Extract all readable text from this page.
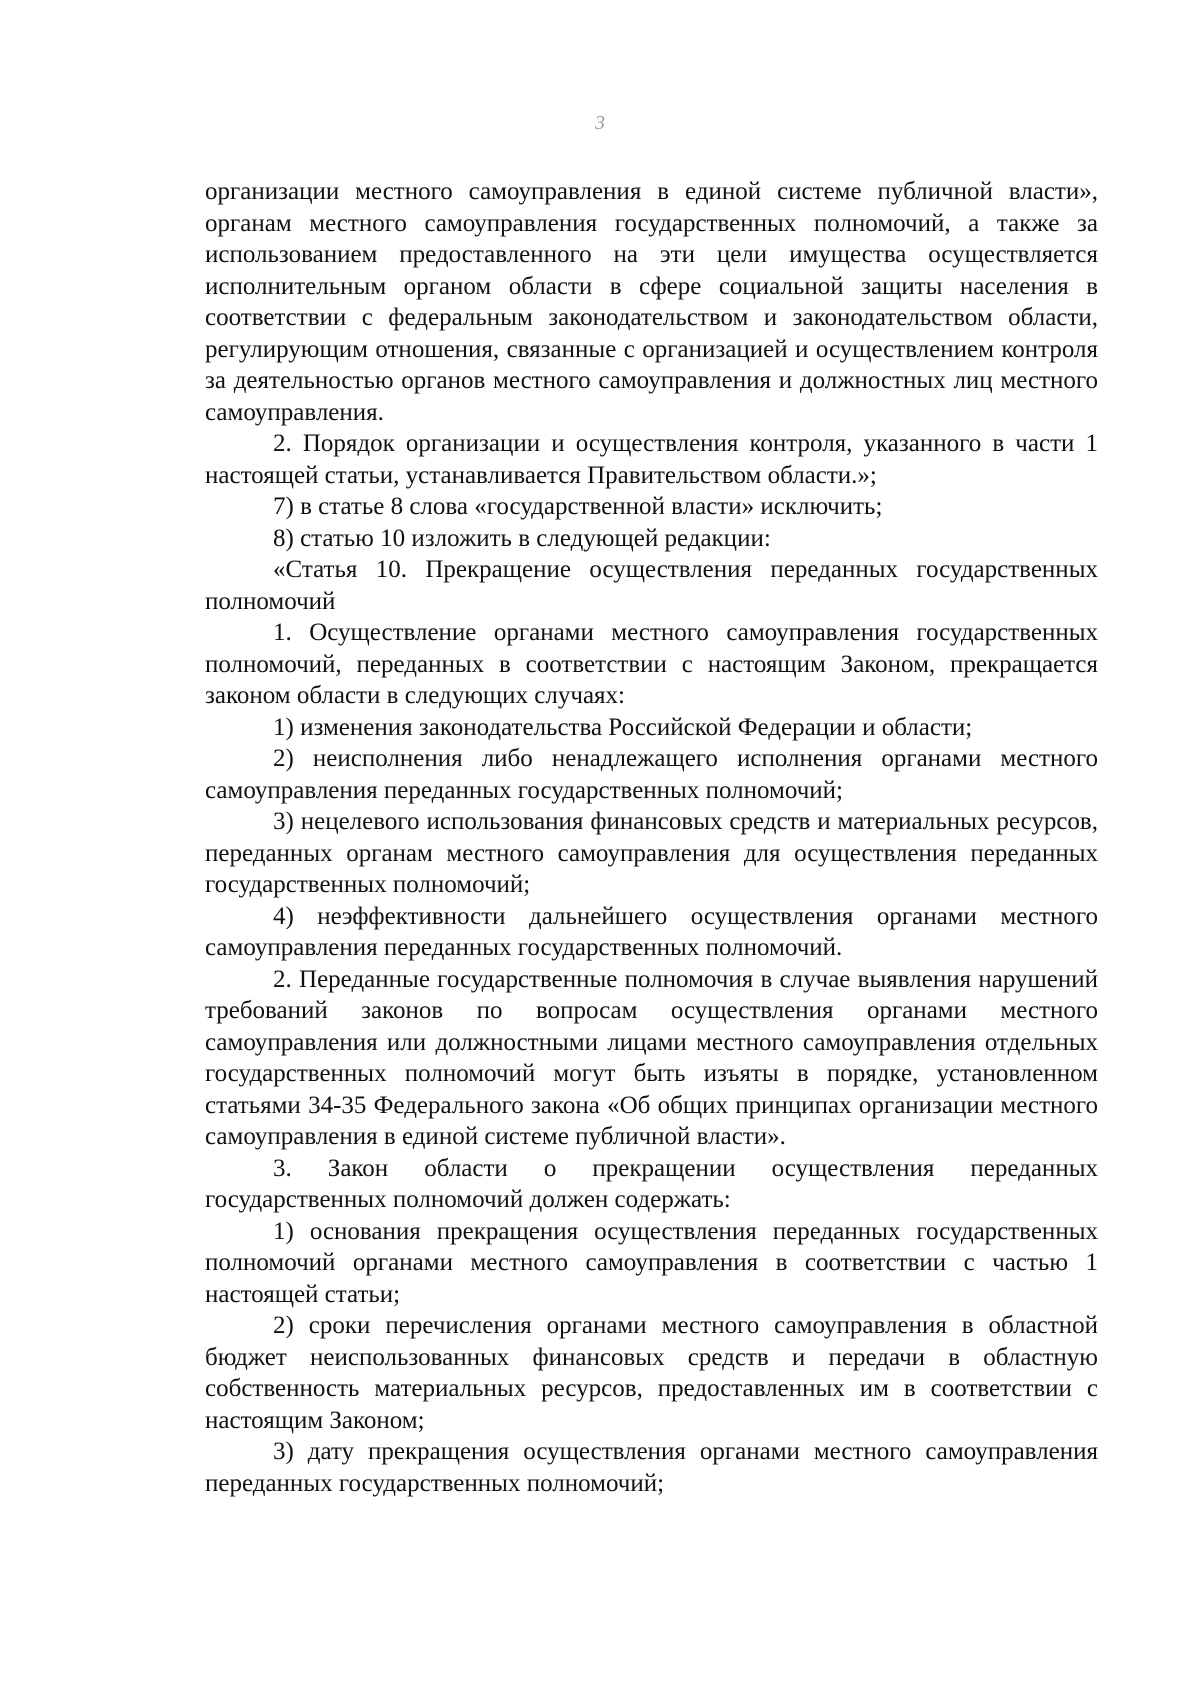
3

организации местного самоуправления в единой системе публичной власти», органам местного самоуправления государственных полномочий, а также за использованием предоставленного на эти цели имущества осуществляется исполнительным органом области в сфере социальной защиты населения в соответствии с федеральным законодательством и законодательством области, регулирующим отношения, связанные с организацией и осуществлением контроля за деятельностью органов местного самоуправления и должностных лиц местного самоуправления.

2. Порядок организации и осуществления контроля, указанного в части 1 настоящей статьи, устанавливается Правительством области.»;

7) в статье 8 слова «государственной власти» исключить;

8) статью 10 изложить в следующей редакции:

«Статья 10. Прекращение осуществления переданных государственных полномочий

1. Осуществление органами местного самоуправления государственных полномочий, переданных в соответствии с настоящим Законом, прекращается законом области в следующих случаях:

1) изменения законодательства Российской Федерации и области;

2) неисполнения либо ненадлежащего исполнения органами местного самоуправления переданных государственных полномочий;

3) нецелевого использования финансовых средств и материальных ресурсов, переданных органам местного самоуправления для осуществления переданных государственных полномочий;

4) неэффективности дальнейшего осуществления органами местного самоуправления переданных государственных полномочий.

2. Переданные государственные полномочия в случае выявления нарушений требований законов по вопросам осуществления органами местного самоуправления или должностными лицами местного самоуправления отдельных государственных полномочий могут быть изъяты в порядке, установленном статьями 34-35 Федерального закона «Об общих принципах организации местного самоуправления в единой системе публичной власти».

3. Закон области о прекращении осуществления переданных государственных полномочий должен содержать:

1) основания прекращения осуществления переданных государственных полномочий органами местного самоуправления в соответствии с частью 1 настоящей статьи;

2) сроки перечисления органами местного самоуправления в областной бюджет неиспользованных финансовых средств и передачи в областную собственность материальных ресурсов, предоставленных им в соответствии с настоящим Законом;

3) дату прекращения осуществления органами местного самоуправления переданных государственных полномочий;
